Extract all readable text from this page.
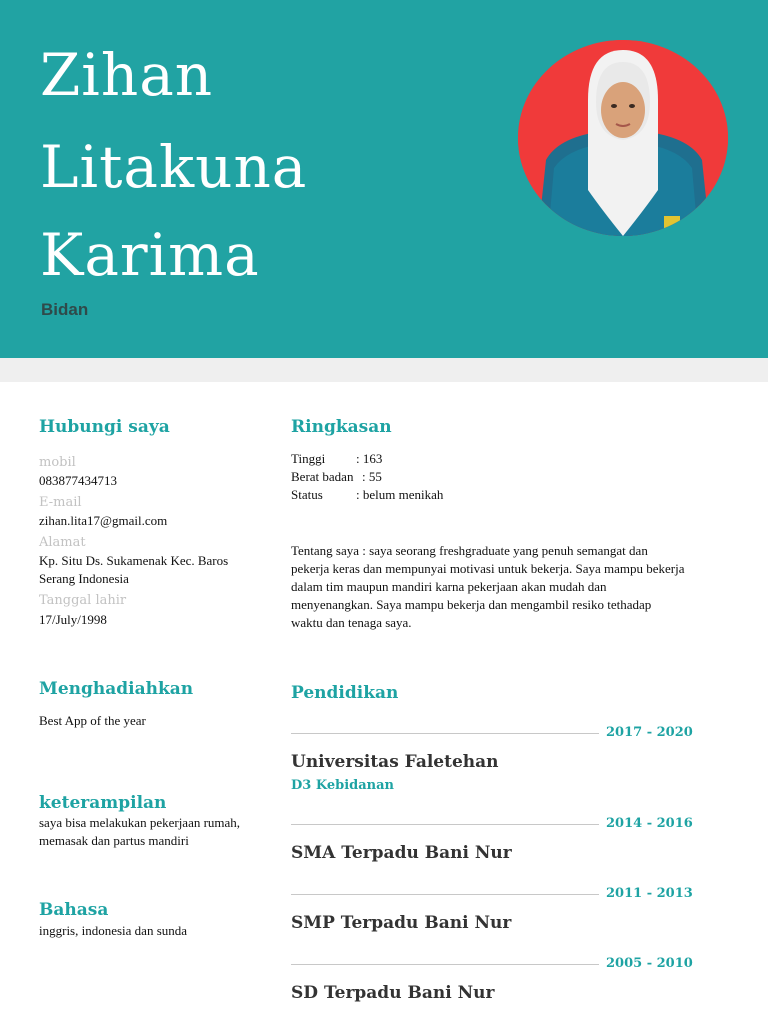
Zihan
Litakuna
Karima
Bidan
Hubungi saya
mobil
083877434713
E-mail
zihan.lita17@gmail.com
Alamat
Kp. Situ Ds. Sukamenak Kec. Baros
Serang Indonesia
Tanggal lahir
17/July/1998
Menghadiahkan
Best App of the year
keterampilan
saya bisa melakukan pekerjaan rumah,
memasak dan partus mandiri
Bahasa
inggris, indonesia dan sunda
Ringkasan
Tinggi : 163
Berat badan : 55
Status	: belum menikah
Tentang saya : saya seorang freshgraduate yang penuh semangat dan
pekerja keras dan mempunyai motivasi untuk bekerja. Saya mampu bekerja
dalam tim maupun mandiri karna pekerjaan akan mudah dan
menyenangkan. Saya mampu bekerja dan mengambil resiko tethadap
waktu dan tenaga saya.
Pendidikan
2017 - 2020
Universitas Faletehan
D3 Kebidanan
2014 - 2016
SMA Terpadu Bani Nur
2011 - 2013
SMP Terpadu Bani Nur
2005 - 2010
SD Terpadu Bani Nur
